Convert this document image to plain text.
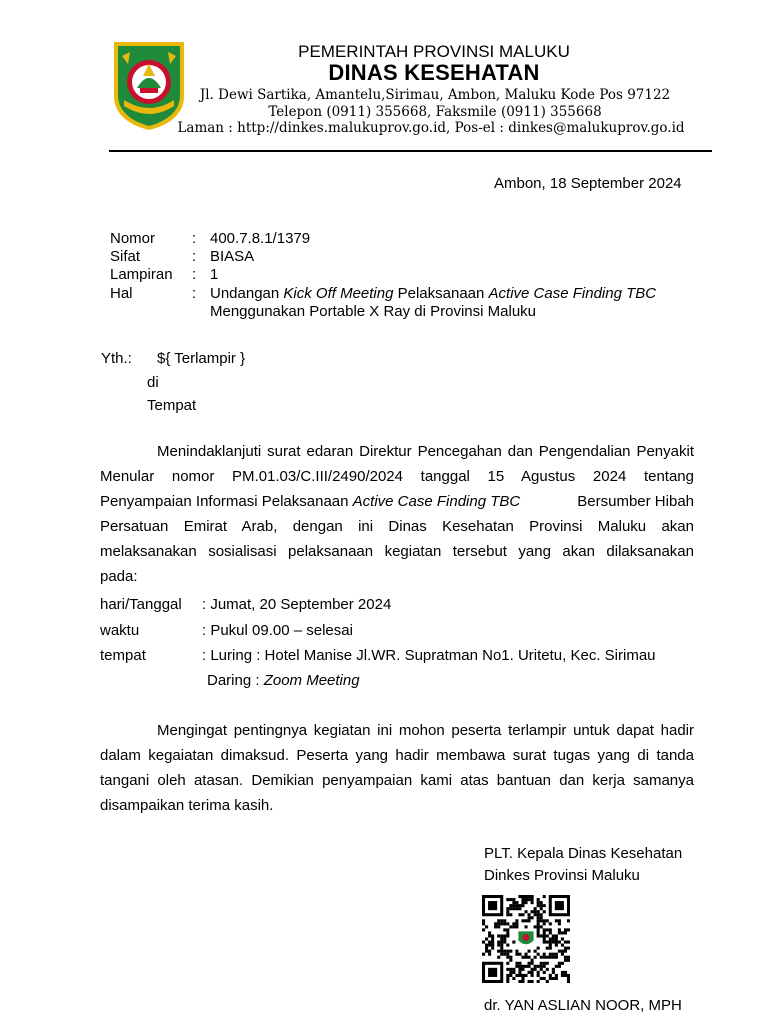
PEMERINTAH PROVINSI MALUKU
DINAS KESEHATAN
Jl. Dewi Sartika, Amantelu,Sirimau, Ambon, Maluku Kode Pos 97122
Telepon (0911) 355668, Faksmile (0911) 355668
Laman : http://dinkes.malukuprov.go.id, Pos-el : dinkes@malukuprov.go.id
Ambon, 18 September 2024
Nomor : 400.7.8.1/1379
Sifat	: BIASA
Lampiran : 1
Hal	: Undangan Kick Off Meeting Pelaksanaan Active Case Finding TBC
Menggunakan Portable X Ray di Provinsi Maluku
Yth.: ${ Terlampir }
di
Tempat
Menindaklanjuti surat edaran Direktur Pencegahan dan Pengendalian Penyakit
Menular nomor PM.01.03/C.III/2490/2024 tanggal 15 Agustus 2024 tentang
Penyampaian Informasi Pelaksanaan Active Case Finding TBC	Bersumber Hibah
Persatuan Emirat Arab, dengan ini Dinas Kesehatan Provinsi Maluku akan
melaksanakan sosialisasi pelaksanaan kegiatan tersebut yang akan dilaksanakan
pada:
hari/Tanggal : Jumat, 20 September 2024
waktu	: Pukul 09.00 – selesai
tempat	: Luring : Hotel Manise Jl.WR. Supratman No1. Uritetu, Kec. Sirimau
Daring : Zoom Meeting
Mengingat pentingnya kegiatan ini mohon peserta terlampir untuk dapat hadir
dalam kegaiatan dimaksud. Peserta yang hadir membawa surat tugas yang di tanda
tangani oleh atasan. Demikian penyampaian kami atas bantuan dan kerja samanya
disampaikan terima kasih.
PLT. Kepala Dinas Kesehatan
Dinkes Provinsi Maluku
dr. YAN ASLIAN NOOR, MPH
